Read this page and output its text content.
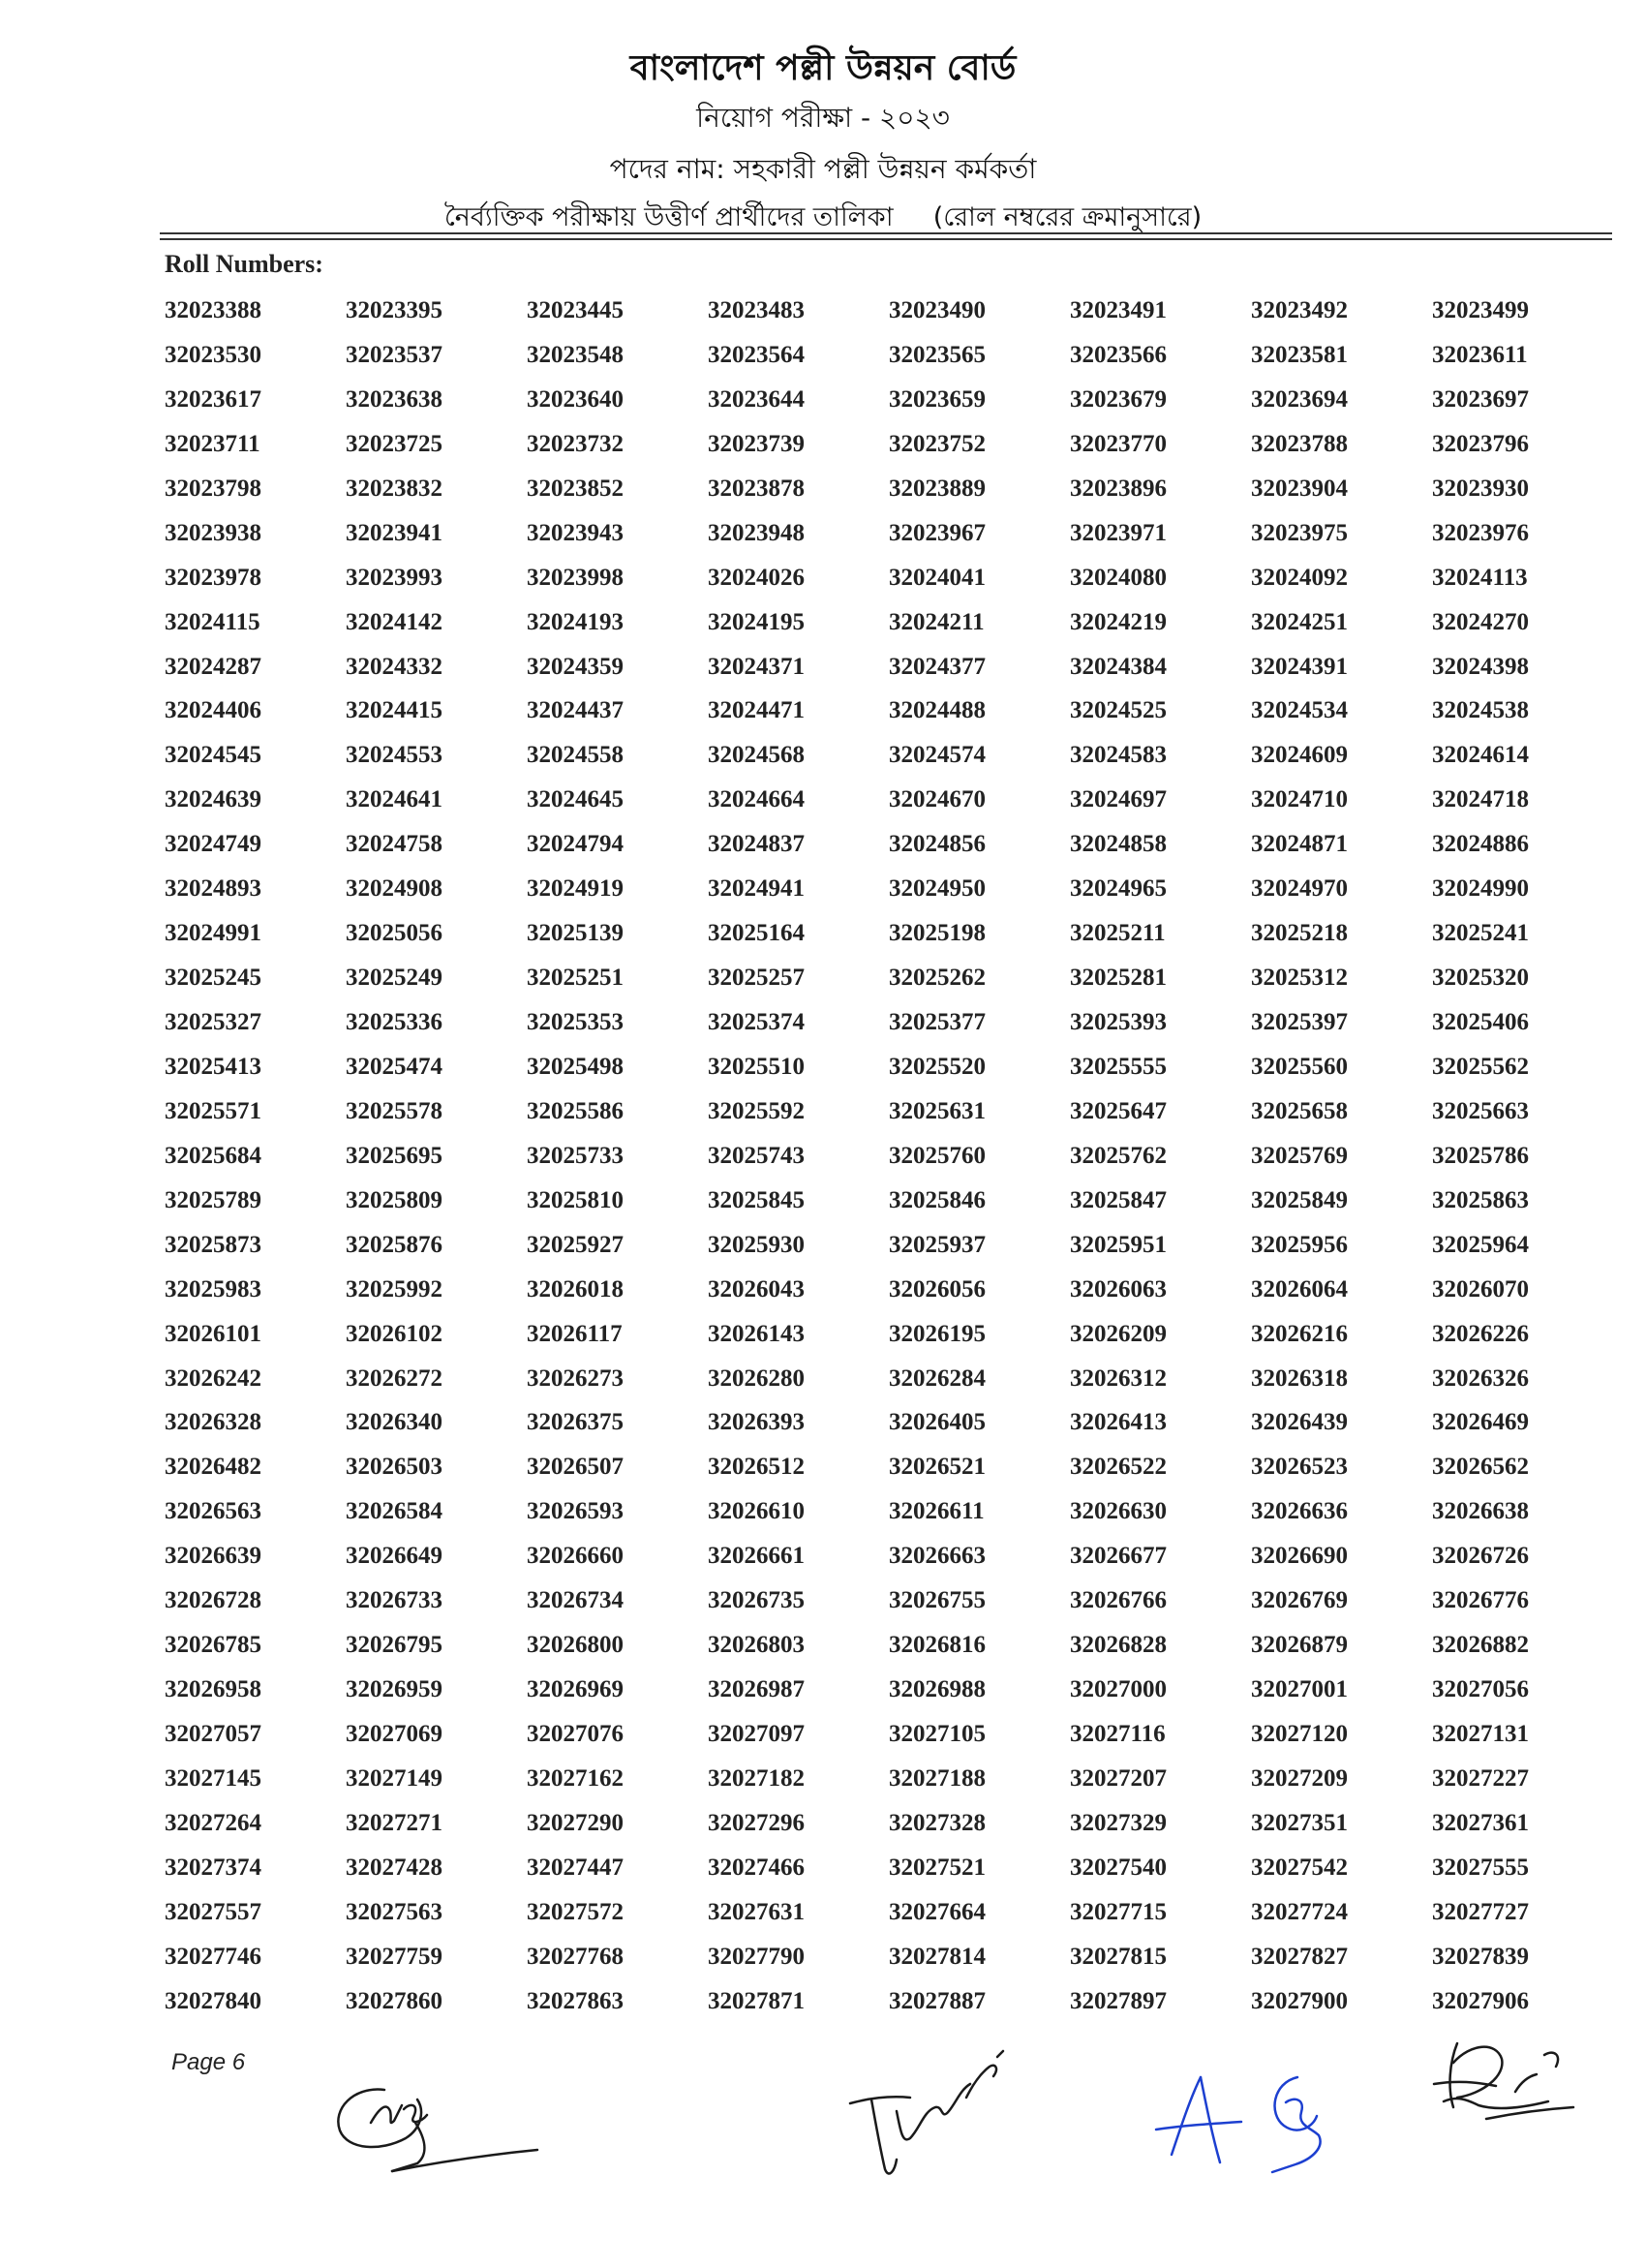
বাংলাদেশ পল্লী উন্নয়ন বোর্ড
নিয়োগ পরীক্ষা - ২০২৩
পদের নাম: সহকারী পল্লী উন্নয়ন কর্মকর্তা
নৈর্ব্যক্তিক পরীক্ষায় উত্তীর্ণ প্রার্থীদের তালিকা (রোল নম্বরের ক্রমানুসারে)
Roll Numbers:
32023388	32023395	32023445	32023483	32023490	32023491	32023492	32023499
32023530	32023537	32023548	32023564	32023565	32023566	32023581	32023611
32023617	32023638	32023640	32023644	32023659	32023679	32023694	32023697
32023711	32023725	32023732	32023739	32023752	32023770	32023788	32023796
32023798	32023832	32023852	32023878	32023889	32023896	32023904	32023930
32023938	32023941	32023943	32023948	32023967	32023971	32023975	32023976
32023978	32023993	32023998	32024026	32024041	32024080	32024092	32024113
32024115	32024142	32024193	32024195	32024211	32024219	32024251	32024270
32024287	32024332	32024359	32024371	32024377	32024384	32024391	32024398
32024406	32024415	32024437	32024471	32024488	32024525	32024534	32024538
32024545	32024553	32024558	32024568	32024574	32024583	32024609	32024614
32024639	32024641	32024645	32024664	32024670	32024697	32024710	32024718
32024749	32024758	32024794	32024837	32024856	32024858	32024871	32024886
32024893	32024908	32024919	32024941	32024950	32024965	32024970	32024990
32024991	32025056	32025139	32025164	32025198	32025211	32025218	32025241
32025245	32025249	32025251	32025257	32025262	32025281	32025312	32025320
32025327	32025336	32025353	32025374	32025377	32025393	32025397	32025406
32025413	32025474	32025498	32025510	32025520	32025555	32025560	32025562
32025571	32025578	32025586	32025592	32025631	32025647	32025658	32025663
32025684	32025695	32025733	32025743	32025760	32025762	32025769	32025786
32025789	32025809	32025810	32025845	32025846	32025847	32025849	32025863
32025873	32025876	32025927	32025930	32025937	32025951	32025956	32025964
32025983	32025992	32026018	32026043	32026056	32026063	32026064	32026070
32026101	32026102	32026117	32026143	32026195	32026209	32026216	32026226
32026242	32026272	32026273	32026280	32026284	32026312	32026318	32026326
32026328	32026340	32026375	32026393	32026405	32026413	32026439	32026469
32026482	32026503	32026507	32026512	32026521	32026522	32026523	32026562
32026563	32026584	32026593	32026610	32026611	32026630	32026636	32026638
32026639	32026649	32026660	32026661	32026663	32026677	32026690	32026726
32026728	32026733	32026734	32026735	32026755	32026766	32026769	32026776
32026785	32026795	32026800	32026803	32026816	32026828	32026879	32026882
32026958	32026959	32026969	32026987	32026988	32027000	32027001	32027056
32027057	32027069	32027076	32027097	32027105	32027116	32027120	32027131
32027145	32027149	32027162	32027182	32027188	32027207	32027209	32027227
32027264	32027271	32027290	32027296	32027328	32027329	32027351	32027361
32027374	32027428	32027447	32027466	32027521	32027540	32027542	32027555
32027557	32027563	32027572	32027631	32027664	32027715	32027724	32027727
32027746	32027759	32027768	32027790	32027814	32027815	32027827	32027839
32027840	32027860	32027863	32027871	32027887	32027897	32027900	32027906
Page 6
